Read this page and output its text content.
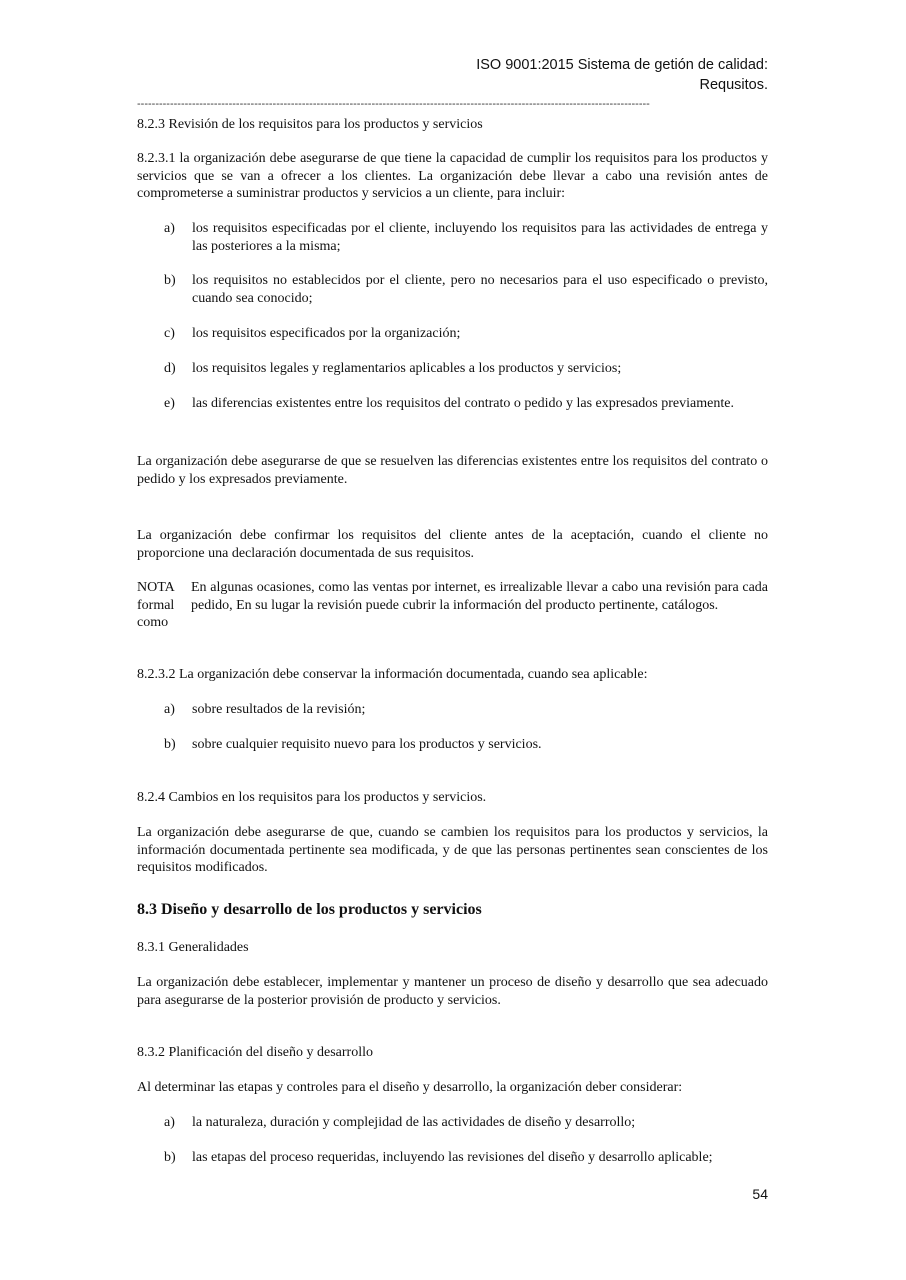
ISO 9001:2015 Sistema de getión de calidad:
Requsitos.
--------------------------------------------------------------------------------------------------------------------------------------------
8.2.3 Revisión de los requisitos para los productos y servicios
8.2.3.1 la organización debe asegurarse de que tiene la capacidad de cumplir los requisitos para los productos y servicios que se van a ofrecer a los clientes. La organización debe llevar a cabo una revisión antes de comprometerse a suministrar productos y servicios a un cliente, para incluir:
a)	los requisitos especificadas por el cliente, incluyendo los requisitos para las actividades de entrega y las posteriores a la misma;
b)	los requisitos no establecidos por el cliente, pero no necesarios para el uso especificado o previsto, cuando sea conocido;
c)	los requisitos especificados por la organización;
d)	los requisitos legales y reglamentarios aplicables a los productos y servicios;
e)	las diferencias existentes entre los requisitos del contrato o pedido y las expresados previamente.
La organización debe asegurarse de que se resuelven las diferencias existentes entre los requisitos del contrato o pedido y los expresados previamente.
La organización debe confirmar los requisitos del cliente antes de la aceptación, cuando el cliente no proporcione una declaración documentada de sus requisitos.
NOTA formal como
En algunas ocasiones, como las ventas por internet, es irrealizable llevar a cabo una revisión para cada pedido, En su lugar la revisión puede cubrir la información del producto pertinente, catálogos.
8.2.3.2 La organización debe conservar la información documentada, cuando sea aplicable:
a)	sobre resultados de la revisión;
b)	sobre cualquier requisito nuevo para los productos y servicios.
8.2.4 Cambios en los requisitos para los productos y servicios.
La organización debe asegurarse de que, cuando se cambien los requisitos para los productos y servicios, la información documentada pertinente sea modificada, y de que las personas pertinentes sean conscientes de los requisitos modificados.
8.3 Diseño y desarrollo de los productos y servicios
8.3.1 Generalidades
La organización debe establecer, implementar y mantener un proceso de diseño y desarrollo que sea adecuado para asegurarse de la posterior provisión de producto y servicios.
8.3.2 Planificación del diseño y desarrollo
Al determinar las etapas y controles para el diseño y desarrollo, la organización deber considerar:
a)	la naturaleza, duración y complejidad de las actividades de diseño y desarrollo;
b)	las etapas del proceso requeridas, incluyendo las revisiones del diseño y desarrollo aplicable;
54
